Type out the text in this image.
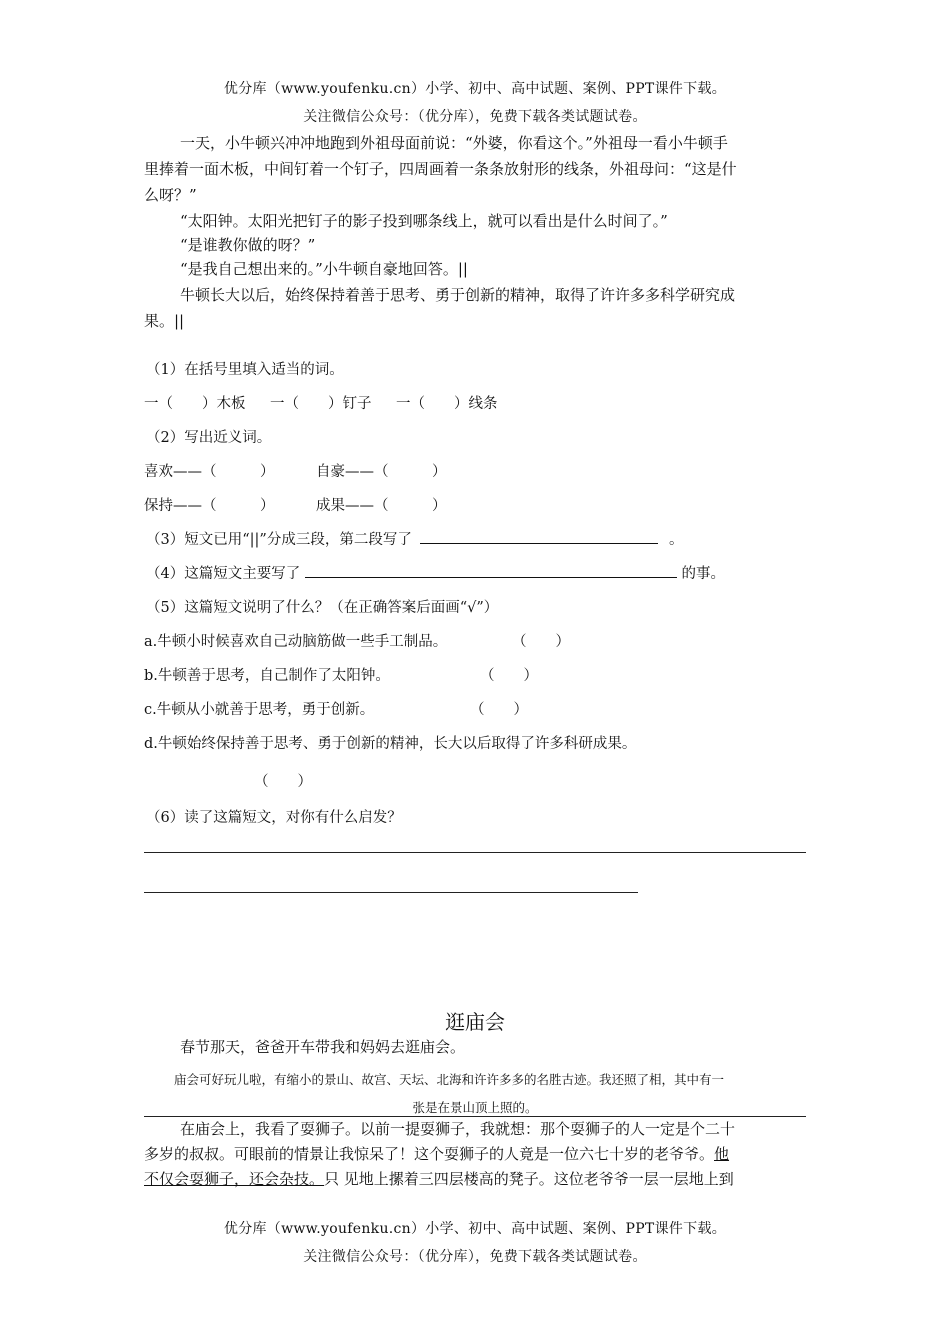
优分库（www.youfenku.cn）小学、初中、高中试题、案例、PPT课件下载。
关注微信公众号：（优分库），免费下载各类试题试卷。
一天，小牛顿兴冲冲地跑到外祖母面前说：“外婆，你看这个。”外祖母一看小牛顿手
里捧着一面木板，中间钉着一个钉子，四周画着一条条放射形的线条，外祖母问：“这是什
么呀？”
“太阳钟。太阳光把钉子的影子投到哪条线上，就可以看出是什么时间了。”
“是谁教你做的呀？”
“是我自己想出来的。”小牛顿自豪地回答。||
牛顿长大以后，始终保持着善于思考、勇于创新的精神，取得了许许多多科学研究成
果。||
（1）在括号里填入适当的词。
一（　　）木板 一（　　）钉子 一（　　）线条
（2）写出近义词。
喜欢——（　　　）	自豪——（　　　）
保持——（　　　）	成果——（　　　）
（3）短文已用“||”分成三段，第二段写了	。
（4）这篇短文主要写了	的事。
（5）这篇短文说明了什么？（在正确答案后面画“√”）
a.牛顿小时候喜欢自己动脑筋做一些手工制品。	（　　）
b.牛顿善于思考，自己制作了太阳钟。	（　　）
c.牛顿从小就善于思考，勇于创新。	（　　）
d.牛顿始终保持善于思考、勇于创新的精神，长大以后取得了许多科研成果。
（　　）
（6）读了这篇短文，对你有什么启发？
逛庙会
春节那天，爸爸开车带我和妈妈去逛庙会。
庙会可好玩儿啦，有缩小的景山、故宫、天坛、北海和许许多多的名胜古迹。我还照了相，其中有一
张是在景山顶上照的。
在庙会上，我看了耍狮子。以前一提耍狮子，我就想：那个耍狮子的人一定是个二十
多岁的叔叔。可眼前的情景让我惊呆了！这个耍狮子的人竟是一位六七十岁的老爷爷。他
不仅会耍狮子，还会杂技。只 见地上摞着三四层楼高的凳子。这位老爷爷一层一层地上到
优分库（www.youfenku.cn）小学、初中、高中试题、案例、PPT课件下载。
关注微信公众号：（优分库），免费下载各类试题试卷。
